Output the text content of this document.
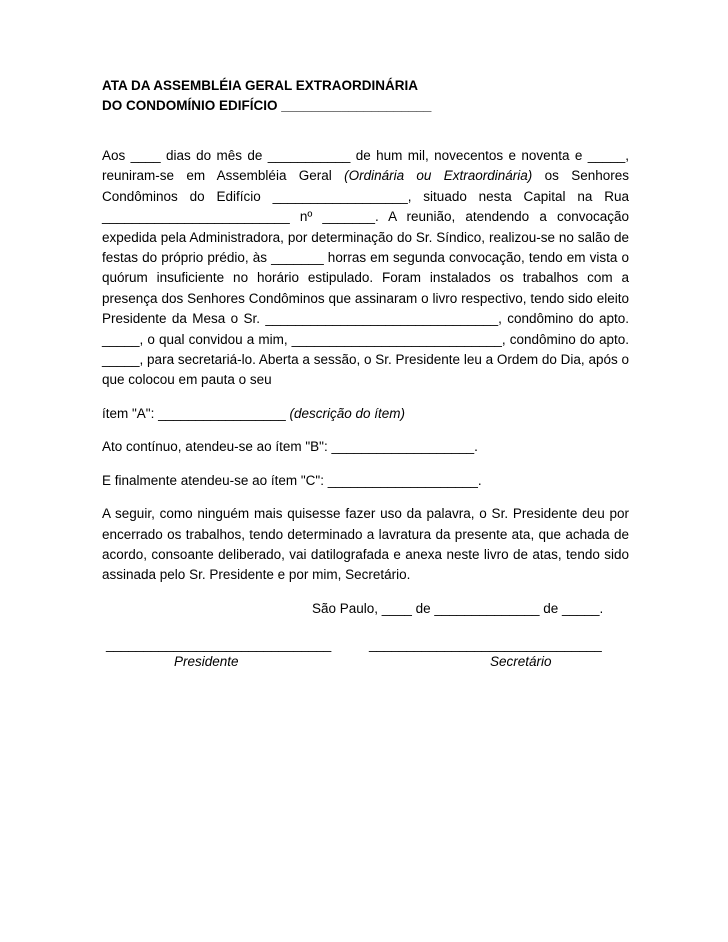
ATA DA ASSEMBLÉIA GERAL EXTRAORDINÁRIA
DO CONDOMÍNIO EDIFÍCIO ____________________

Aos ____ dias do mês de ___________ de hum mil, novecentos e noventa e _____, reuniram-se em Assembléia Geral (Ordinária ou Extraordinária) os Senhores Condôminos do Edifício __________________, situado nesta Capital na Rua _________________________ nº _______. A reunião, atendendo a convocação expedida pela Administradora, por determinação do Sr. Síndico, realizou-se no salão de festas do próprio prédio, às _______ horras em segunda convocação, tendo em vista o quórum insuficiente no horário estipulado. Foram instalados os trabalhos com a presença dos Senhores Condôminos que assinaram o livro respectivo, tendo sido eleito Presidente da Mesa o Sr. _______________________________, condômino do apto. _____, o qual convidou a mim, ____________________________, condômino do apto. _____, para secretariá-lo. Aberta a sessão, o Sr. Presidente leu a Ordem do Dia, após o que colocou em pauta o seu

ítem "A": _________________ (descrição do ítem)

Ato contínuo, atendeu-se ao ítem "B": ___________________.

E finalmente atendeu-se ao ítem "C": ____________________.

A seguir, como ninguém mais quisesse fazer uso da palavra, o Sr. Presidente deu por encerrado os trabalhos, tendo determinado a lavratura da presente ata, que achada de acordo, consoante deliberado, vai datilografada e anexa neste livro de atas, tendo sido assinada pelo Sr. Presidente e por mim, Secretário.

São Paulo, ____ de ______________ de _____.
______________________________
Presidente
_______________________________
Secretário
